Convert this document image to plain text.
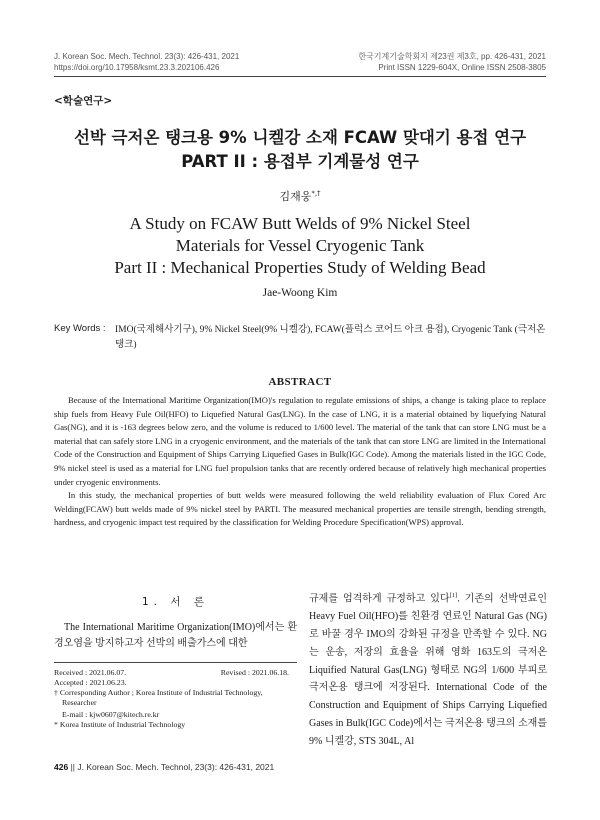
J. Korean Soc. Mech. Technol. 23(3): 426-431, 2021
https://doi.org/10.17958/ksmt.23.3.202106.426
한국기계기술학회지 제23권 제3호, pp. 426-431, 2021
Print ISSN 1229-604X, Online ISSN 2508-3805
<학술연구>
선박 극저온 탱크용 9% 니켈강 소재 FCAW 맞대기 용접 연구
PART II : 용접부 기계물성 연구
김재웅*,†
A Study on FCAW Butt Welds of 9% Nickel Steel
Materials for Vessel Cryogenic Tank
Part II : Mechanical Properties Study of Welding Bead
Jae-Woong Kim
Key Words : IMO(국제해사기구), 9% Nickel Steel(9% 니켈강), FCAW(플럭스 코어드 아크 용접), Cryogenic Tank (극저온탱크)
ABSTRACT

Because of the International Maritime Organization(IMO)'s regulation to regulate emissions of ships, a change is taking place to replace ship fuels from Heavy Fule Oil(HFO) to Liquefied Natural Gas(LNG). In the case of LNG, it is a material obtained by liquefying Natural Gas(NG), and it is -163 degrees below zero, and the volume is reduced to 1/600 level. The material of the tank that can store LNG must be a material that can safely store LNG in a cryogenic environment, and the materials of the tank that can store LNG are limited in the International Code of the Construction and Equipment of Ships Carrying Liquefied Gases in Bulk(IGC Code). Among the materials listed in the IGC Code, 9% nickel steel is used as a material for LNG fuel propulsion tanks that are recently ordered because of relatively high mechanical properties under cryogenic environments.

In this study, the mechanical properties of butt welds were measured following the weld reliability evaluation of Flux Cored Arc Welding(FCAW) butt welds made of 9% nickel steel by PARTI. The measured mechanical properties are tensile strength, bending strength, hardness, and cryogenic impact test required by the classification for Welding Procedure Specification(WPS) approval.

1. 서 론
The International Maritime Organization(IMO)에서는 환경오염을 방지하고자 선박의 배출가스에 대한
규제를 엄격하게 규정하고 있다[1]. 기존의 선박연료인 Heavy Fuel Oil(HFO)를 친환경 연료인 Natural Gas (NG)로 바꿀 경우 IMO의 강화된 규정을 만족할 수 있다. NG는 운송, 저장의 효율을 위해 영화 163도의 극저온 Liquified Natural Gas(LNG) 형태로 NG의 1/600 부피로 극저온용 탱크에 저장된다. International Code of the Construction and Equipment of Ships Carrying Liquefied Gases in Bulk(IGC Code)에서는 극저온용 탱크의 소재를 9% 니켈강, STS 304L, Al
Received : 2021.06.07.	Revised : 2021.06.18.
Accepted : 2021.06.23.
† Corresponding Author ; Korea Institute of Industrial Technology,
Researcher
E-mail : kjw0607@kitech.re.kr
* Korea Institute of Industrial Technology
426 || J. Korean Soc. Mech. Technol, 23(3): 426-431, 2021
